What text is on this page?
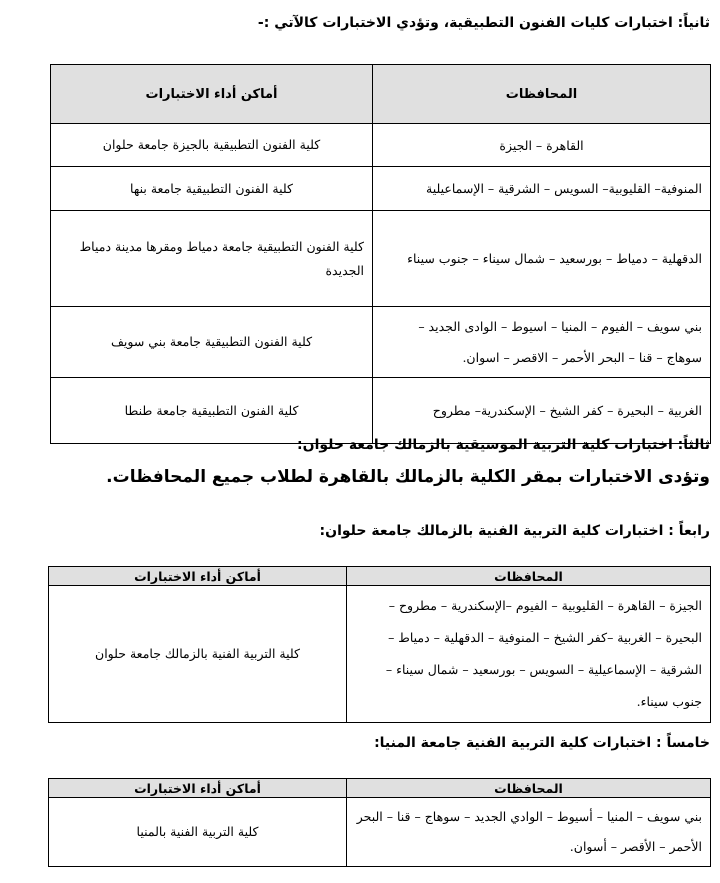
ثانياً: اختبارات كليات الفنون التطبيقية، وتؤدي الاختبارات كالآتي :-
المحافظات	أماكن أداء الاختبارات
القاهرة – الجيزة	كلية الفنون التطبيقية بالجيزة جامعة حلوان
المنوفية– القليوبية– السويس – الشرقية – الإسماعيلية	كلية الفنون التطبيقية جامعة بنها
الدقهلية – دمياط – بورسعيد – شمال سيناء – جنوب سيناء	كلية الفنون التطبيقية جامعة دمياط ومقرها مدينة دمياط الجديدة
بني سويف – الفيوم – المنيا – اسيوط – الوادى الجديد – سوهاج – قنا – البحر الأحمر – الاقصر – اسوان.	كلية الفنون التطبيقية جامعة بني سويف
الغربية – البحيرة – كفر الشيخ – الإسكندرية– مطروح	كلية الفنون التطبيقية جامعة طنطا
ثالثاً: اختبارات كلية التربية الموسيقية بالزمالك جامعة حلوان:
وتؤدى الاختبارات بمقر الكلية بالزمالك بالقاهرة لطلاب جميع المحافظات.
رابعاً : اختبارات كلية التربية الفنية بالزمالك جامعة حلوان:
المحافظات	أماكن أداء الاختبارات
الجيزة – القاهرة – القليوبية – الفيوم –الإسكندرية – مطروح – البحيرة – الغربية –كفر الشيخ – المنوفية – الدقهلية – دمياط – الشرقية – الإسماعيلية – السويس – بورسعيد – شمال سيناء – جنوب سيناء.	كلية التربية الفنية بالزمالك جامعة حلوان
خامساً : اختبارات كلية التربية الفنية جامعة المنيا:
المحافظات	أماكن أداء الاختبارات
بني سويف – المنيا – أسيوط – الوادي الجديد – سوهاج – قنا – البحر الأحمر – الأقصر – أسوان.	كلية التربية الفنية بالمنيا
